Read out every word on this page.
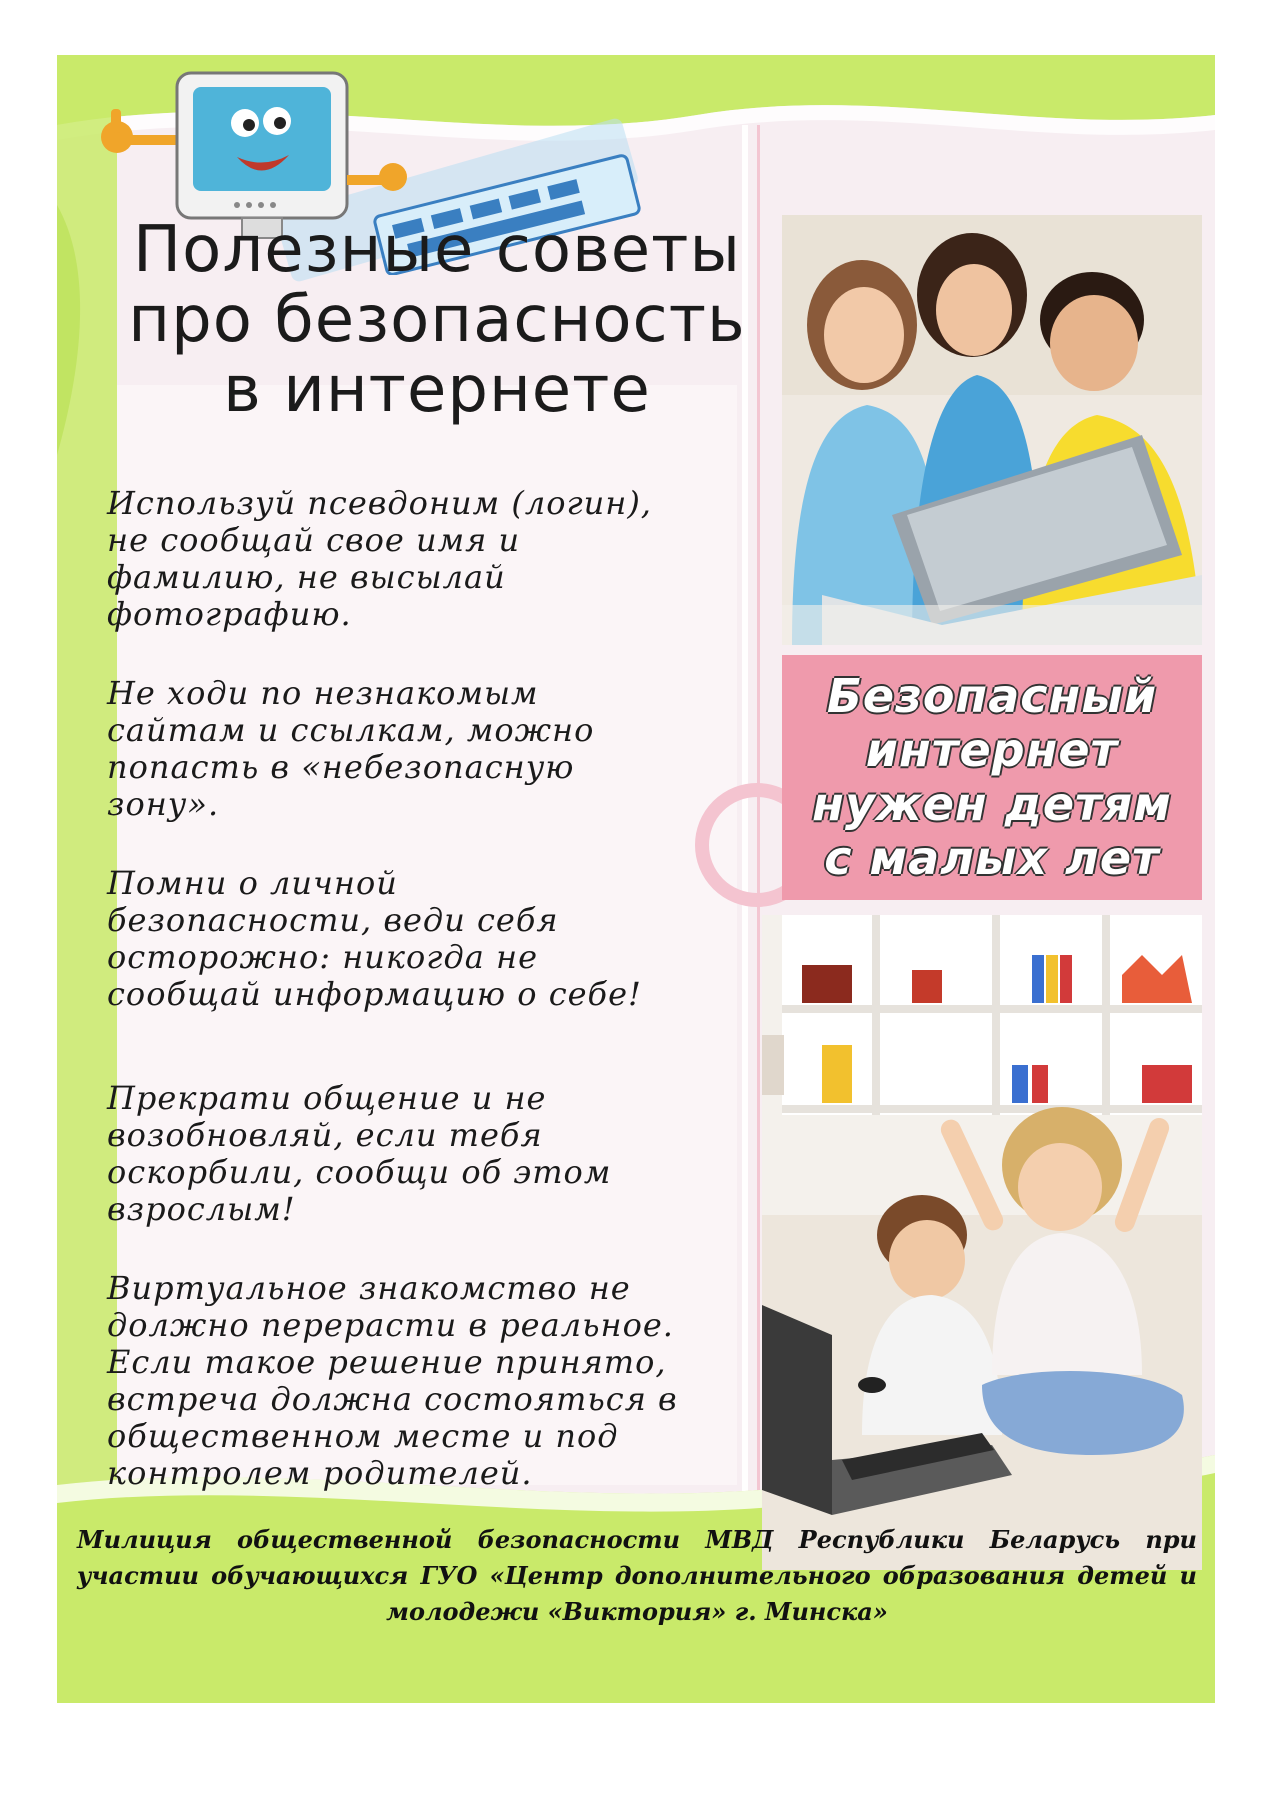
Полезные советы
про безопасность
в интернете
Используй псевдоним (логин),
не сообщай свое имя и
фамилию, не высылай
фотографию.
Не ходи по незнакомым
сайтам и ссылкам, можно
попасть в «небезопасную
зону».
Помни о личной
безопасности, веди себя
осторожно: никогда не
сообщай информацию о себе!
Прекрати общение и не
возобновляй, если тебя
оскорбили, сообщи об этом
взрослым!
Виртуальное знакомство не
должно перерасти в реальное.
Если такое решение принято,
встреча должна состояться в
общественном месте и под
контролем родителей.
Безопасный
интернет
нужен детям
с малых лет
Милиция общественной безопасности МВД Республики Беларусь при участии обучающихся ГУО «Центр дополнительного образования детей и молодежи «Виктория» г. Минска»
